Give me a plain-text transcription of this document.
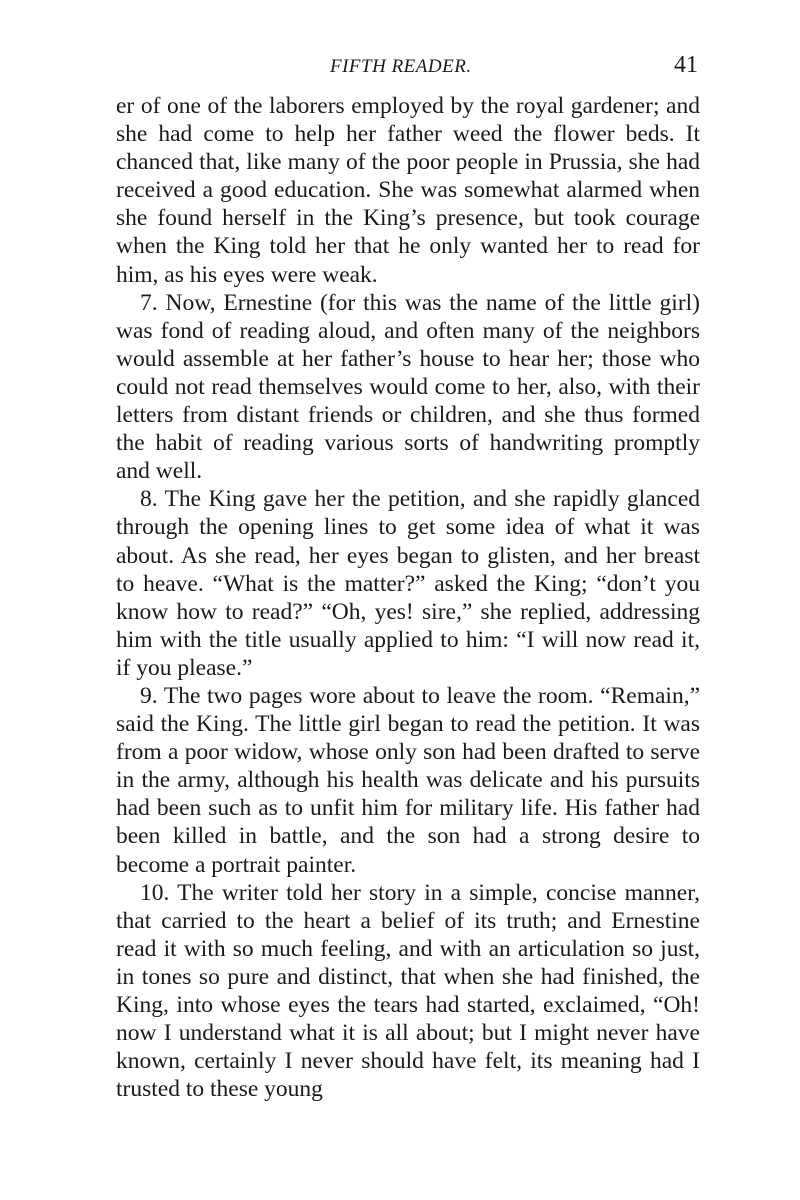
FIFTH READER.	41

er of one of the laborers employed by the royal gardener; and she had come to help her father weed the flower beds. It chanced that, like many of the poor people in Prussia, she had received a good education. She was somewhat alarmed when she found herself in the King’s presence, but took courage when the King told her that he only wanted her to read for him, as his eyes were weak.

7. Now, Ernestine (for this was the name of the little girl) was fond of reading aloud, and often many of the neighbors would assemble at her father’s house to hear her; those who could not read themselves would come to her, also, with their letters from distant friends or children, and she thus formed the habit of reading various sorts of handwriting promptly and well.

8. The King gave her the petition, and she rapidly glanced through the opening lines to get some idea of what it was about. As she read, her eyes began to glisten, and her breast to heave. “What is the matter?” asked the King; “don’t you know how to read?” “Oh, yes! sire,” she replied, addressing him with the title usually applied to him: “I will now read it, if you please.”

9. The two pages wore about to leave the room. “Remain,” said the King. The little girl began to read the petition. It was from a poor widow, whose only son had been drafted to serve in the army, although his health was delicate and his pursuits had been such as to unfit him for military life. His father had been killed in battle, and the son had a strong desire to become a portrait painter.

10. The writer told her story in a simple, concise manner, that carried to the heart a belief of its truth; and Ernestine read it with so much feeling, and with an articulation so just, in tones so pure and distinct, that when she had finished, the King, into whose eyes the tears had started, exclaimed, “Oh! now I understand what it is all about; but I might never have known, certainly I never should have felt, its meaning had I trusted to these young
